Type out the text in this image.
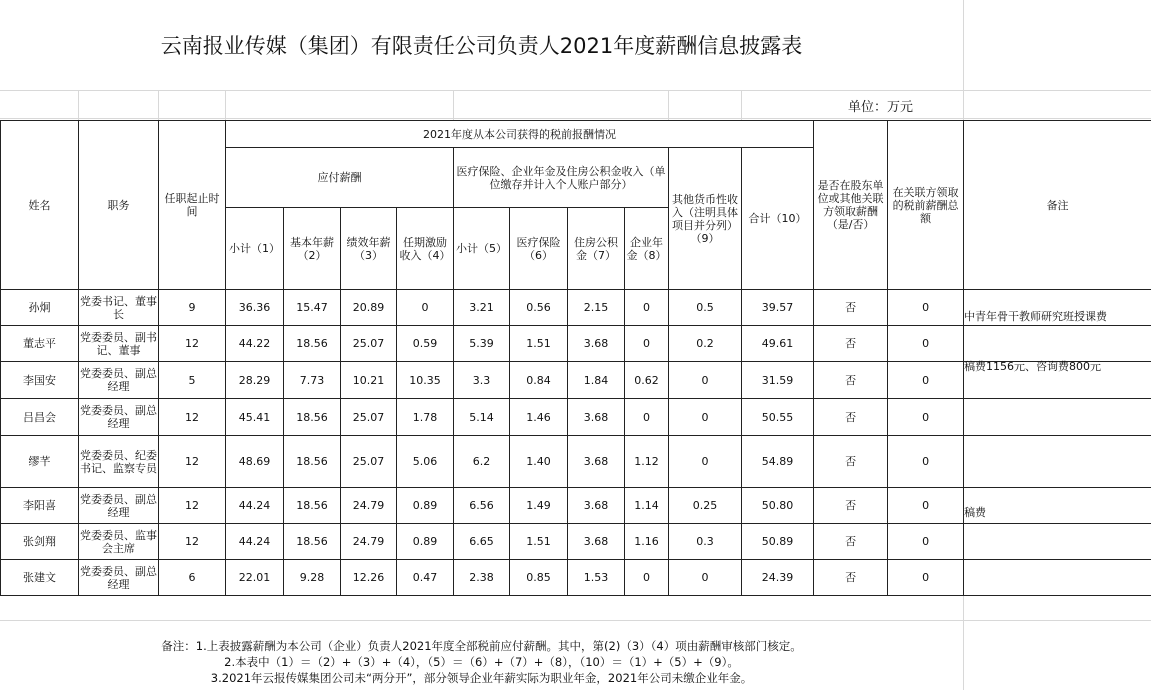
云南报业传媒（集团）有限责任公司负责人2021年度薪酬信息披露表
单位：万元
姓名	职务	任职起止时间	2021年度从本公司获得的税前报酬情况										是否在股东单位或其他关联方领取薪酬（是/否）	在关联方领取的税前薪酬总额	备注
			应付薪酬				医疗保险、企业年金及住房公积金收入（单位缴存并计入个人账户部分）				其他货币性收入（注明具体项目并分列）（9）	合计（10）			
			小计（1）	基本年薪（2）	绩效年薪（3）	任期激励收入（4）	小计（5）	医疗保险（6）	住房公积金（7）	企业年金（8）					
孙炯	党委书记、董事长	9	36.36	15.47	20.89	0	3.21	0.56	2.15	0	0.5	39.57	否	0	中青年骨干教师研究班授课费

董志平	党委委员、副书记、董事	12	44.22	18.56	25.07	0.59	5.39	1.51	3.68	0	0.2	49.61	否	0	稿费1156元、咨询费800元

李国安	党委委员、副总经理	5	28.29	7.73	10.21	10.35	3.3	0.84	1.84	0.62	0	31.59	否	0	

吕昌会	党委委员、副总经理	12	45.41	18.56	25.07	1.78	5.14	1.46	3.68	0	0	50.55	否	0	

缪芊	党委委员、纪委书记、监察专员	12	48.69	18.56	25.07	5.06	6.2	1.40	3.68	1.12	0	54.89	否	0	

李阳喜	党委委员、副总经理	12	44.24	18.56	24.79	0.89	6.56	1.49	3.68	1.14	0.25	50.80	否	0	稿费

张剑翔	党委委员、监事会主席	12	44.24	18.56	24.79	0.89	6.65	1.51	3.68	1.16	0.3	50.89	否	0	

张建文	党委委员、副总经理	6	22.01	9.28	12.26	0.47	2.38	0.85	1.53	0	0	24.39	否	0	
备注：1.上表披露薪酬为本公司（企业）负责人2021年度全部税前应付薪酬。其中，第(2)（3）（4）项由薪酬审核部门核定。
2.本表中（1）＝（2）+（3）+（4），（5）＝（6）+（7）+（8），（10）＝（1）+（5）+（9）。
3.2021年云报传媒集团公司未“两分开”，部分领导企业年薪实际为职业年金，2021年公司未缴企业年金。
